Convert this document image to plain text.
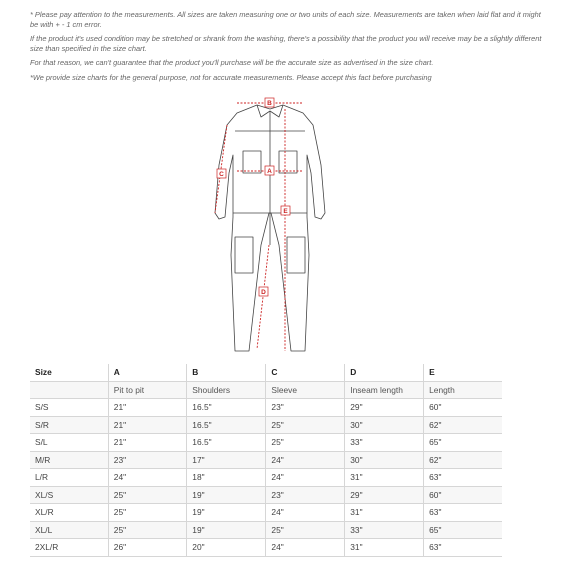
* Please pay attention to the measurements. All sizes are taken measuring one or two units of each size. Measurements are taken when laid flat and it might be with + - 1 cm error.

If the product it's used condition may be stretched or shrank from the washing, there's a possibility that the product you will receive may be a slightly different size than specified in the size chart.

For that reason, we can't guarantee that the product you'll purchase will be the accurate size as advertised in the size chart.

*We provide size charts for the general purpose, not for accurate measurements. Please accept this fact before purchasing

B
A
C
E
D
Size	A	B	C	D	E
	Pit to pit	Shoulders	Sleeve	Inseam length	Length
S/S	21"	16.5"	23"	29"	60"
S/R	21"	16.5"	25"	30"	62"
S/L	21"	16.5"	25"	33"	65"
M/R	23"	17"	24"	30"	62"
L/R	24"	18"	24"	31"	63"
XL/S	25"	19"	23"	29"	60"
XL/R	25"	19"	24"	31"	63"
XL/L	25"	19"	25"	33"	65"
2XL/R	26"	20"	24"	31"	63"
